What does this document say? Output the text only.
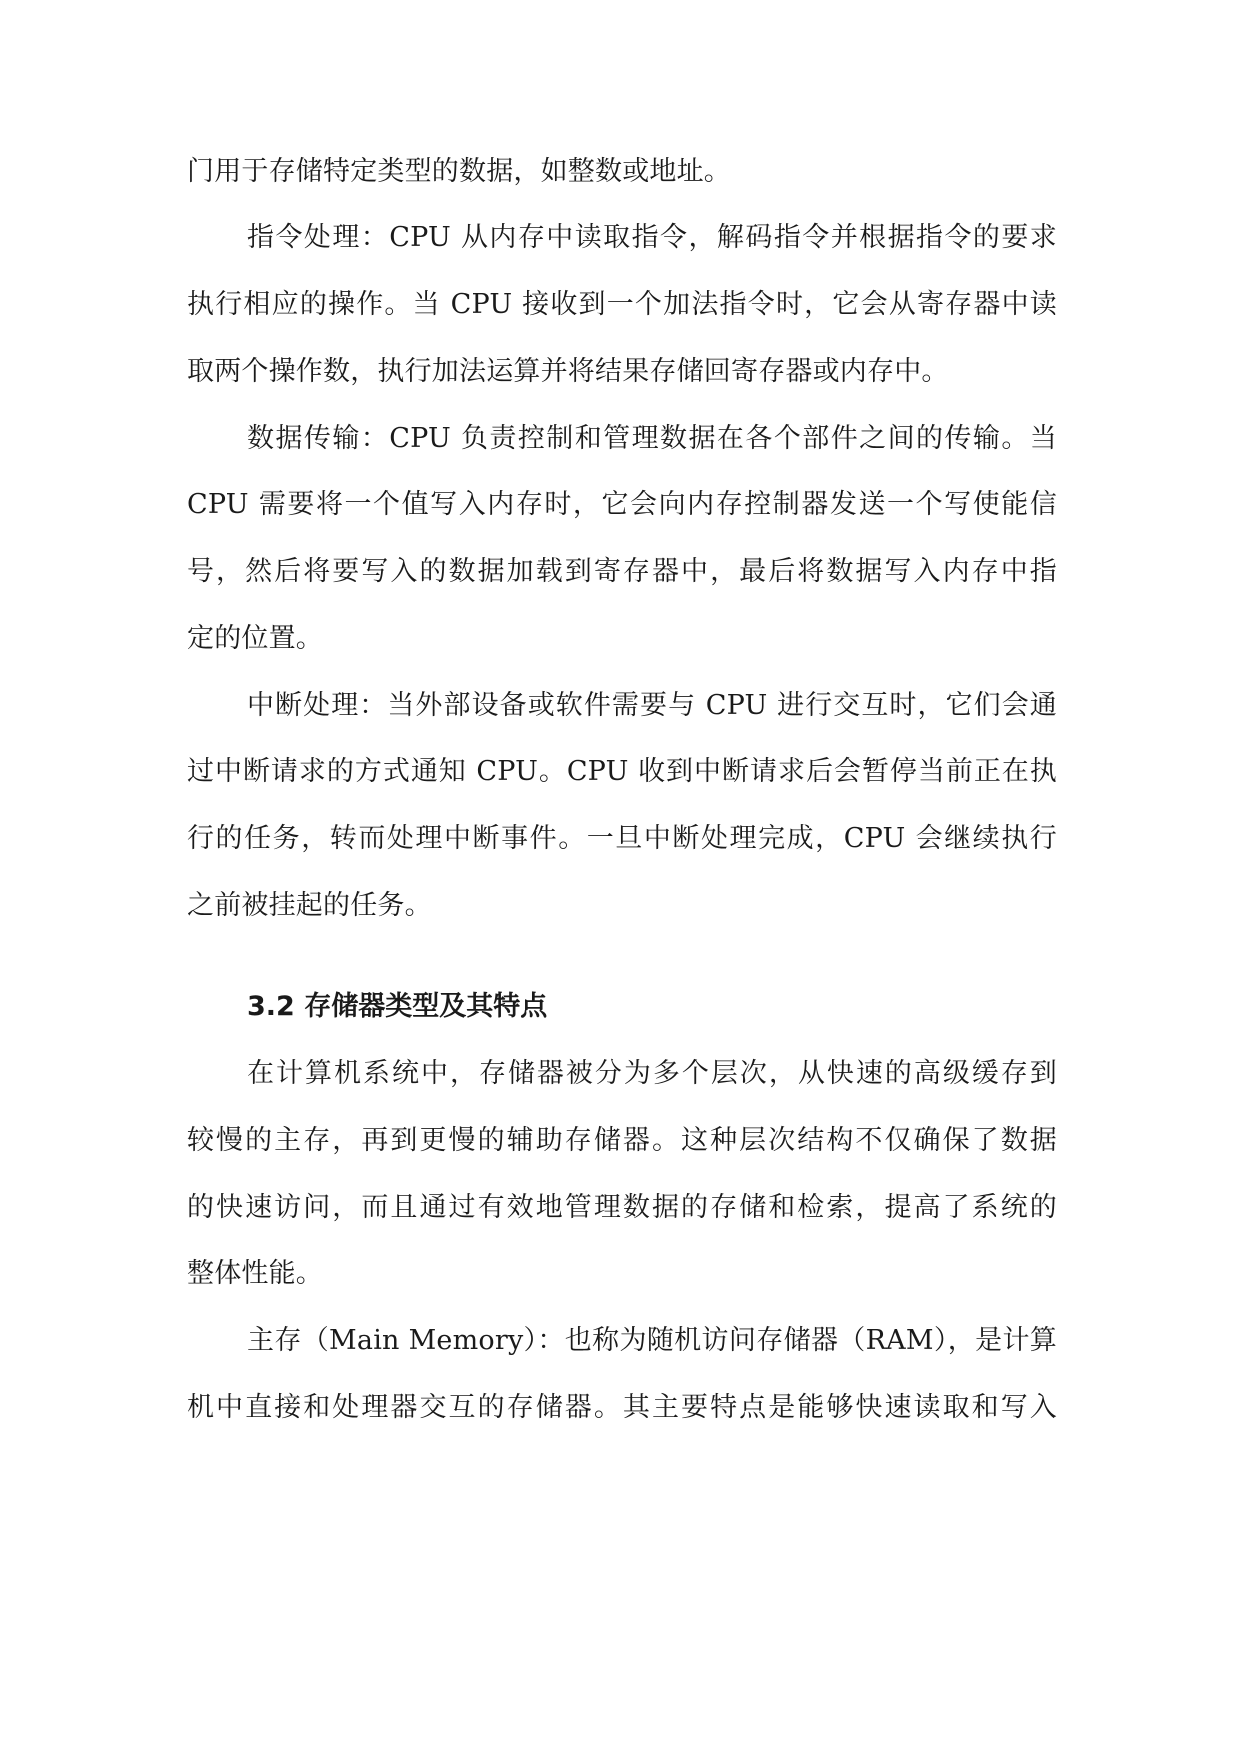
门用于存储特定类型的数据，如整数或地址。
指令处理：CPU 从内存中读取指令，解码指令并根据指令的要求
执行相应的操作。当 CPU 接收到一个加法指令时，它会从寄存器中读
取两个操作数，执行加法运算并将结果存储回寄存器或内存中。
数据传输：CPU 负责控制和管理数据在各个部件之间的传输。当
CPU 需要将一个值写入内存时，它会向内存控制器发送一个写使能信
号，然后将要写入的数据加载到寄存器中，最后将数据写入内存中指
定的位置。
中断处理：当外部设备或软件需要与 CPU 进行交互时，它们会通
过中断请求的方式通知 CPU。CPU 收到中断请求后会暂停当前正在执
行的任务，转而处理中断事件。一旦中断处理完成，CPU 会继续执行
之前被挂起的任务。
3.2 存储器类型及其特点
在计算机系统中，存储器被分为多个层次，从快速的高级缓存到
较慢的主存，再到更慢的辅助存储器。这种层次结构不仅确保了数据
的快速访问，而且通过有效地管理数据的存储和检索，提高了系统的
整体性能。
主存（Main Memory）：也称为随机访问存储器（RAM），是计算
机中直接和处理器交互的存储器。其主要特点是能够快速读取和写入
